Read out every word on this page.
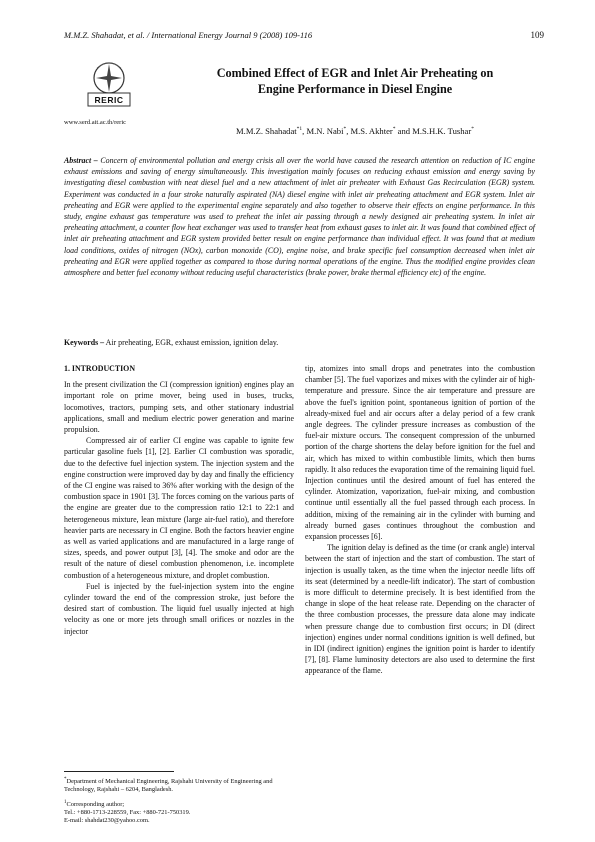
M.M.Z. Shahadat, et al. / International Energy Journal 9 (2008) 109-116	109
RERIC
www.serd.ait.ac.th/reric
Combined Effect of EGR and Inlet Air Preheating on
Engine Performance in Diesel Engine
M.M.Z. Shahadat$^{*1}$, M.N. Nabi*, M.S. Akhter* and M.S.H.K. Tushar*
Abstract – Concern of environmental pollution and energy crisis all over the world have caused the research attention on reduction of IC engine exhaust emissions and saving of energy simultaneously. This investigation mainly focuses on reducing exhaust emission and energy saving by investigating diesel combustion with neat diesel fuel and a new attachment of inlet air preheater with Exhaust Gas Recirculation (EGR) system. Experiment was conducted in a four stroke naturally aspirated (NA) diesel engine with inlet air preheating attachment and EGR system. Inlet air preheating and EGR were applied to the experimental engine separately and also together to observe their effects on engine performance. In this study, engine exhaust gas temperature was used to preheat the inlet air passing through a newly designed air preheating system. In inlet air preheating attachment, a counter flow heat exchanger was used to transfer heat from exhaust gases to inlet air. It was found that combined effect of inlet air preheating attachment and EGR system provided better result on engine performance than individual effect. It was found that at medium load conditions, oxides of nitrogen (NOx), carbon monoxide (CO), engine noise, and brake specific fuel consumption decreased when inlet air preheating and EGR were applied together as compared to those during normal operations of the engine. Thus the modified engine provides clean atmosphere and better fuel economy without reducing useful characteristics (brake power, brake thermal efficiency etc) of the engine.
Keywords – Air preheating, EGR, exhaust emission, ignition delay.

1. INTRODUCTION

In the present civilization the CI (compression ignition) engines play an important role on prime mover, being used in buses, trucks, locomotives, tractors, pumping sets, and other stationary industrial applications, small and medium electric power generation and marine propulsion.

Compressed air of earlier CI engine was capable to ignite few particular gasoline fuels [1], [2]. Earlier CI combustion was sporadic, due to the defective fuel injection system. The injection system and the engine construction were improved day by day and finally the efficiency of the CI engine was raised to 36% after working with the design of the combustion space in 1901 [3]. The forces coming on the various parts of the engine are greater due to the compression ratio 12:1 to 22:1 and heterogeneous mixture, lean mixture (large air-fuel ratio), and therefore heavier parts are necessary in CI engine. Both the factors heavier engine as well as varied applications and are manufactured in a large range of sizes, speeds, and power output [3], [4]. The smoke and odor are the result of the nature of diesel combustion phenomenon, i.e. incomplete combustion of a heterogeneous mixture, and droplet combustion.

Fuel is injected by the fuel-injection system into the engine cylinder toward the end of the compression stroke, just before the desired start of combustion. The liquid fuel usually injected at high velocity as one or more jets through small orifices or nozzles in the injector

tip, atomizes into small drops and penetrates into the combustion chamber [5]. The fuel vaporizes and mixes with the cylinder air of high-temperature and pressure. Since the air temperature and pressure are above the fuel's ignition point, spontaneous ignition of portion of the already-mixed fuel and air occurs after a delay period of a few crank angle degrees. The cylinder pressure increases as combustion of the fuel-air mixture occurs. The consequent compression of the unburned portion of the charge shortens the delay before ignition for the fuel and air, which has mixed to within combustible limits, which then burns rapidly. It also reduces the evaporation time of the remaining liquid fuel. Injection continues until the desired amount of fuel has entered the cylinder. Atomization, vaporization, fuel-air mixing, and combustion continue until essentially all the fuel passed through each process. In addition, mixing of the remaining air in the cylinder with burning and already burned gases continues throughout the combustion and expansion processes [6].

The ignition delay is defined as the time (or crank angle) interval between the start of injection and the start of combustion. The start of injection is usually taken, as the time when the injector needle lifts off its seat (determined by a needle-lift indicator). The start of combustion is more difficult to determine precisely. It is best identified from the change in slope of the heat release rate. Depending on the character of the three combustion processes, the pressure data alone may indicate when pressure change due to combustion first occurs; in DI (direct injection) engines under normal conditions ignition is well defined, but in IDI (indirect ignition) engines the ignition point is harder to identify [7], [8]. Flame luminosity detectors are also used to determine the first appearance of the flame.

*Department of Mechanical Engineering, Rajshahi University of Engineering and Technology, Rajshahi – 6204, Bangladesh.

$^1$Corresponding author;
Tel.: +880-1713-228559, Fax: +880-721-750319.
E-mail: shahdat230@yahoo.com.
